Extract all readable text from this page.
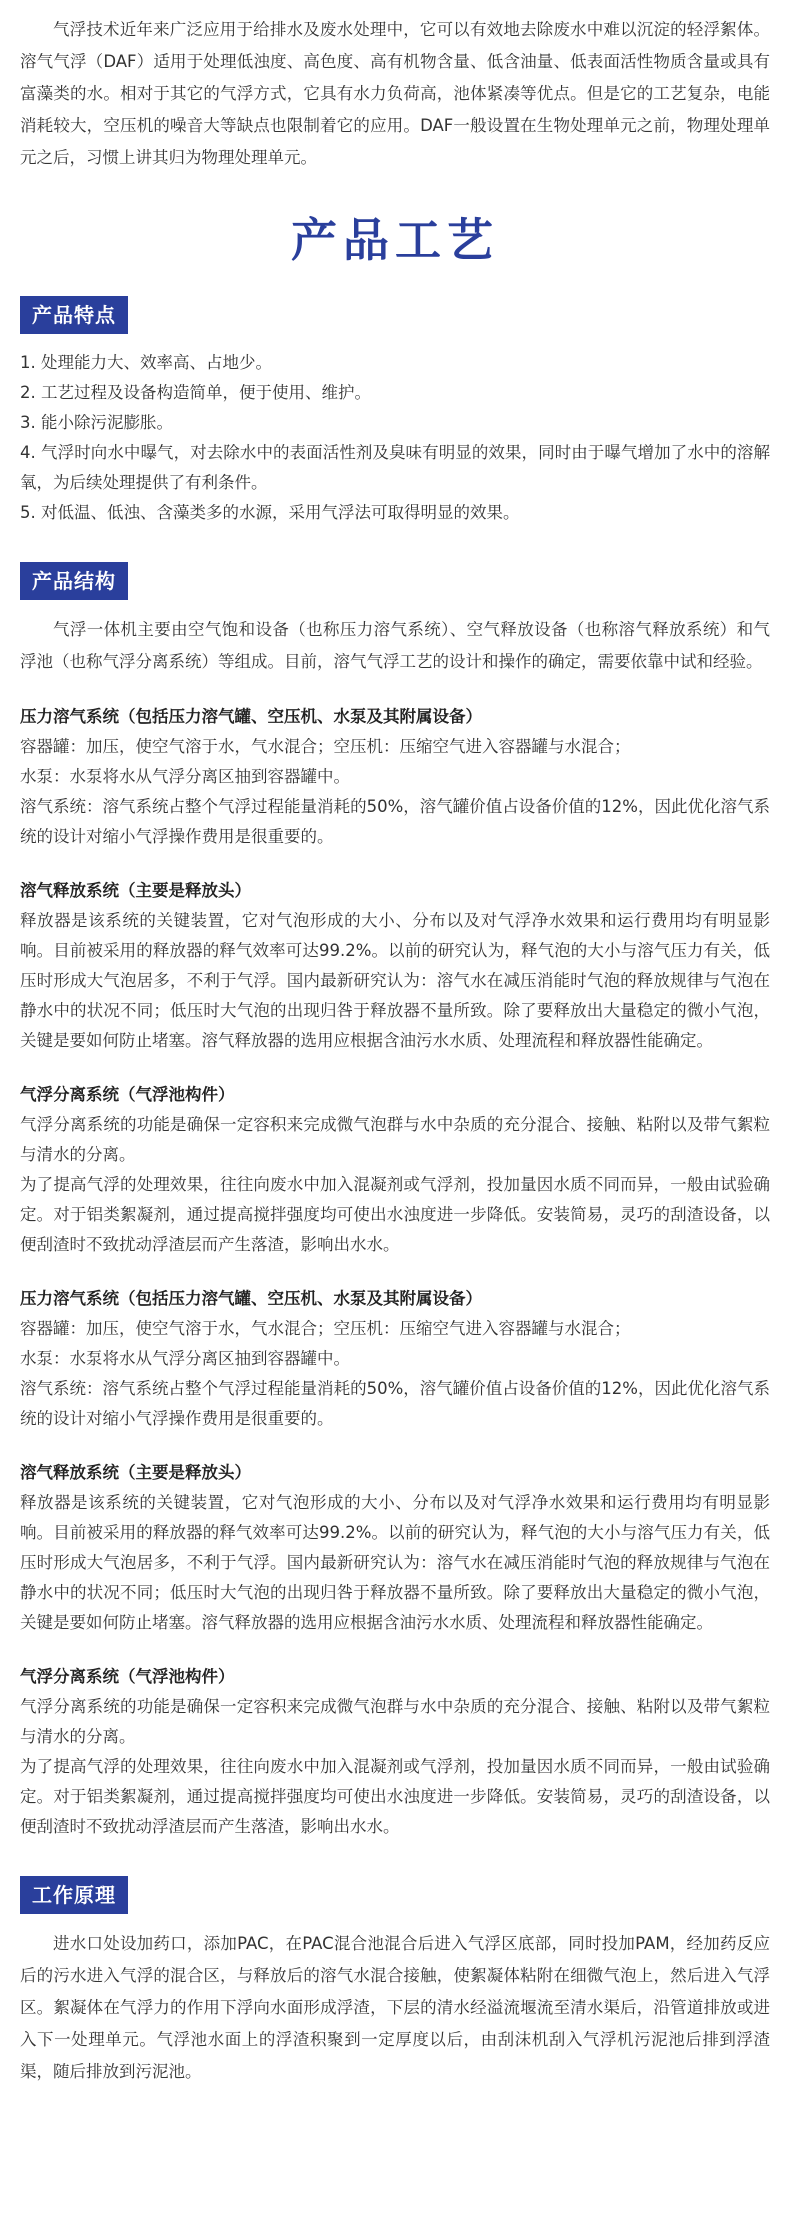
气浮技术近年来广泛应用于给排水及废水处理中，它可以有效地去除废水中难以沉淀的轻浮絮体。溶气气浮（DAF）适用于处理低浊度、高色度、高有机物含量、低含油量、低表面活性物质含量或具有富藻类的水。相对于其它的气浮方式，它具有水力负荷高，池体紧凑等优点。但是它的工艺复杂，电能消耗较大，空压机的噪音大等缺点也限制着它的应用。DAF一般设置在生物处理单元之前，物理处理单元之后，习惯上讲其归为物理处理单元。

产品工艺
产品特点
1. 处理能力大、效率高、占地少。
2. 工艺过程及设备构造简单，便于使用、维护。
3. 能小除污泥膨胀。
4. 气浮时向水中曝气，对去除水中的表面活性剂及臭味有明显的效果，同时由于曝气增加了水中的溶解氧，为后续处理提供了有利条件。
5. 对低温、低浊、含藻类多的水源，采用气浮法可取得明显的效果。
产品结构

气浮一体机主要由空气饱和设备（也称压力溶气系统）、空气释放设备（也称溶气释放系统）和气浮池（也称气浮分离系统）等组成。目前，溶气气浮工艺的设计和操作的确定，需要依靠中试和经验。

压力溶气系统（包括压力溶气罐、空压机、水泵及其附属设备）

容器罐：加压，使空气溶于水，气水混合；空压机：压缩空气进入容器罐与水混合；

水泵：水泵将水从气浮分离区抽到容器罐中。

溶气系统：溶气系统占整个气浮过程能量消耗的50%，溶气罐价值占设备价值的12%，因此优化溶气系统的设计对缩小气浮操作费用是很重要的。

溶气释放系统（主要是释放头）

释放器是该系统的关键装置，它对气泡形成的大小、分布以及对气浮净水效果和运行费用均有明显影响。目前被采用的释放器的释气效率可达99.2%。以前的研究认为，释气泡的大小与溶气压力有关，低压时形成大气泡居多，不利于气浮。国内最新研究认为：溶气水在减压消能时气泡的释放规律与气泡在静水中的状况不同；低压时大气泡的出现归咎于释放器不量所致。除了要释放出大量稳定的微小气泡，关键是要如何防止堵塞。溶气释放器的选用应根据含油污水水质、处理流程和释放器性能确定。

气浮分离系统（气浮池构件）

气浮分离系统的功能是确保一定容积来完成微气泡群与水中杂质的充分混合、接触、粘附以及带气絮粒与清水的分离。

为了提高气浮的处理效果，往往向废水中加入混凝剂或气浮剂，投加量因水质不同而异，一般由试验确定。对于铝类絮凝剂，通过提高搅拌强度均可使出水浊度进一步降低。安装简易，灵巧的刮渣设备，以便刮渣时不致扰动浮渣层而产生落渣，影响出水水。

压力溶气系统（包括压力溶气罐、空压机、水泵及其附属设备）

容器罐：加压，使空气溶于水，气水混合；空压机：压缩空气进入容器罐与水混合；

水泵：水泵将水从气浮分离区抽到容器罐中。

溶气系统：溶气系统占整个气浮过程能量消耗的50%，溶气罐价值占设备价值的12%，因此优化溶气系统的设计对缩小气浮操作费用是很重要的。

溶气释放系统（主要是释放头）

释放器是该系统的关键装置，它对气泡形成的大小、分布以及对气浮净水效果和运行费用均有明显影响。目前被采用的释放器的释气效率可达99.2%。以前的研究认为，释气泡的大小与溶气压力有关，低压时形成大气泡居多，不利于气浮。国内最新研究认为：溶气水在减压消能时气泡的释放规律与气泡在静水中的状况不同；低压时大气泡的出现归咎于释放器不量所致。除了要释放出大量稳定的微小气泡，关键是要如何防止堵塞。溶气释放器的选用应根据含油污水水质、处理流程和释放器性能确定。

气浮分离系统（气浮池构件）

气浮分离系统的功能是确保一定容积来完成微气泡群与水中杂质的充分混合、接触、粘附以及带气絮粒与清水的分离。

为了提高气浮的处理效果，往往向废水中加入混凝剂或气浮剂，投加量因水质不同而异，一般由试验确定。对于铝类絮凝剂，通过提高搅拌强度均可使出水浊度进一步降低。安装简易，灵巧的刮渣设备，以便刮渣时不致扰动浮渣层而产生落渣，影响出水水。

工作原理

进水口处设加药口，添加PAC，在PAC混合池混合后进入气浮区底部，同时投加PAM，经加药反应后的污水进入气浮的混合区，与释放后的溶气水混合接触，使絮凝体粘附在细微气泡上，然后进入气浮区。絮凝体在气浮力的作用下浮向水面形成浮渣，下层的清水经溢流堰流至清水渠后，沿管道排放或进入下一处理单元。气浮池水面上的浮渣积聚到一定厚度以后，由刮沫机刮入气浮机污泥池后排到浮渣渠，随后排放到污泥池。
